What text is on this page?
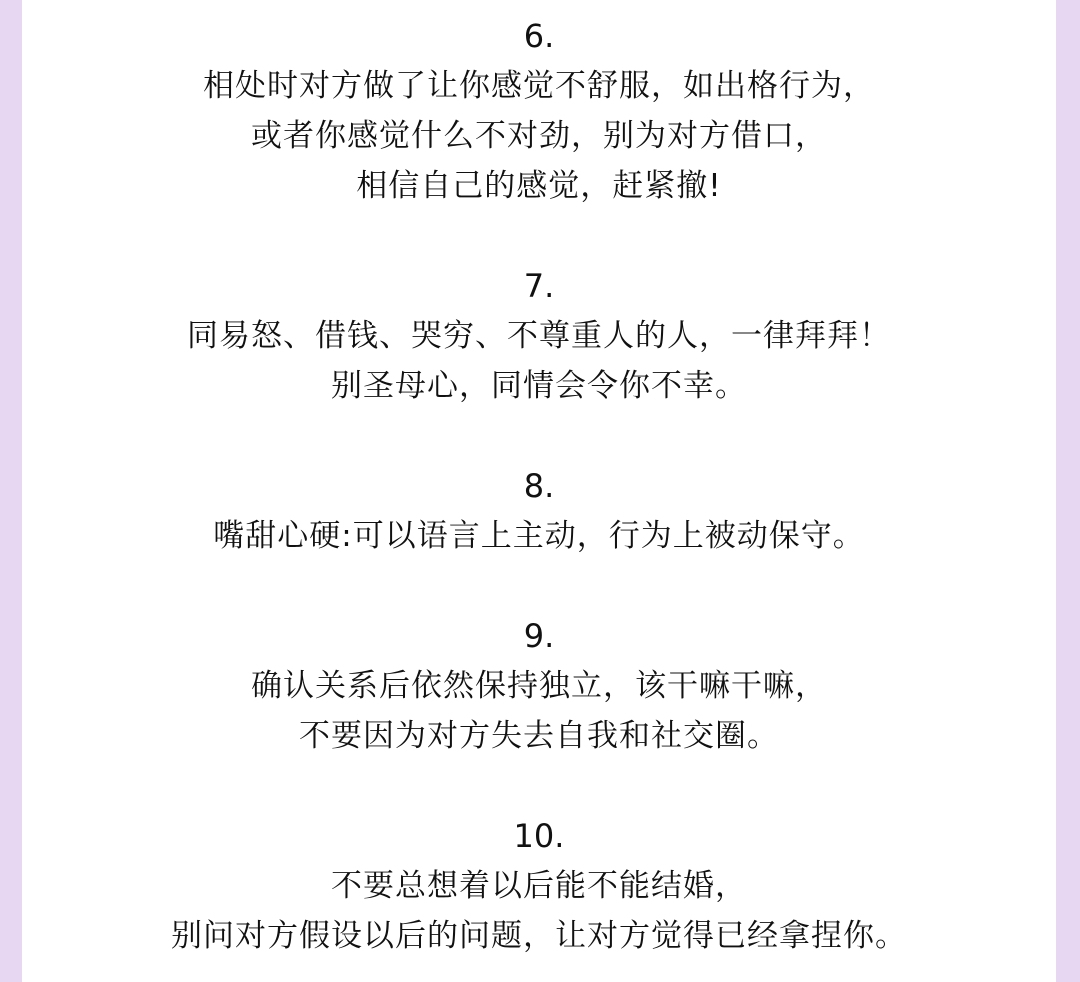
6.
相处时对方做了让你感觉不舒服，如出格行为，
或者你感觉什么不对劲，别为对方借口，
相信自己的感觉，赶紧撤!
7.
同易怒、借钱、哭穷、不尊重人的人，一律拜拜！
别圣母心，同情会令你不幸。
8.
嘴甜心硬:可以语言上主动，行为上被动保守。
9.
确认关系后依然保持独立，该干嘛干嘛，
不要因为对方失去自我和社交圈。
10.
不要总想着以后能不能结婚，
别问对方假设以后的问题，让对方觉得已经拿捏你。
